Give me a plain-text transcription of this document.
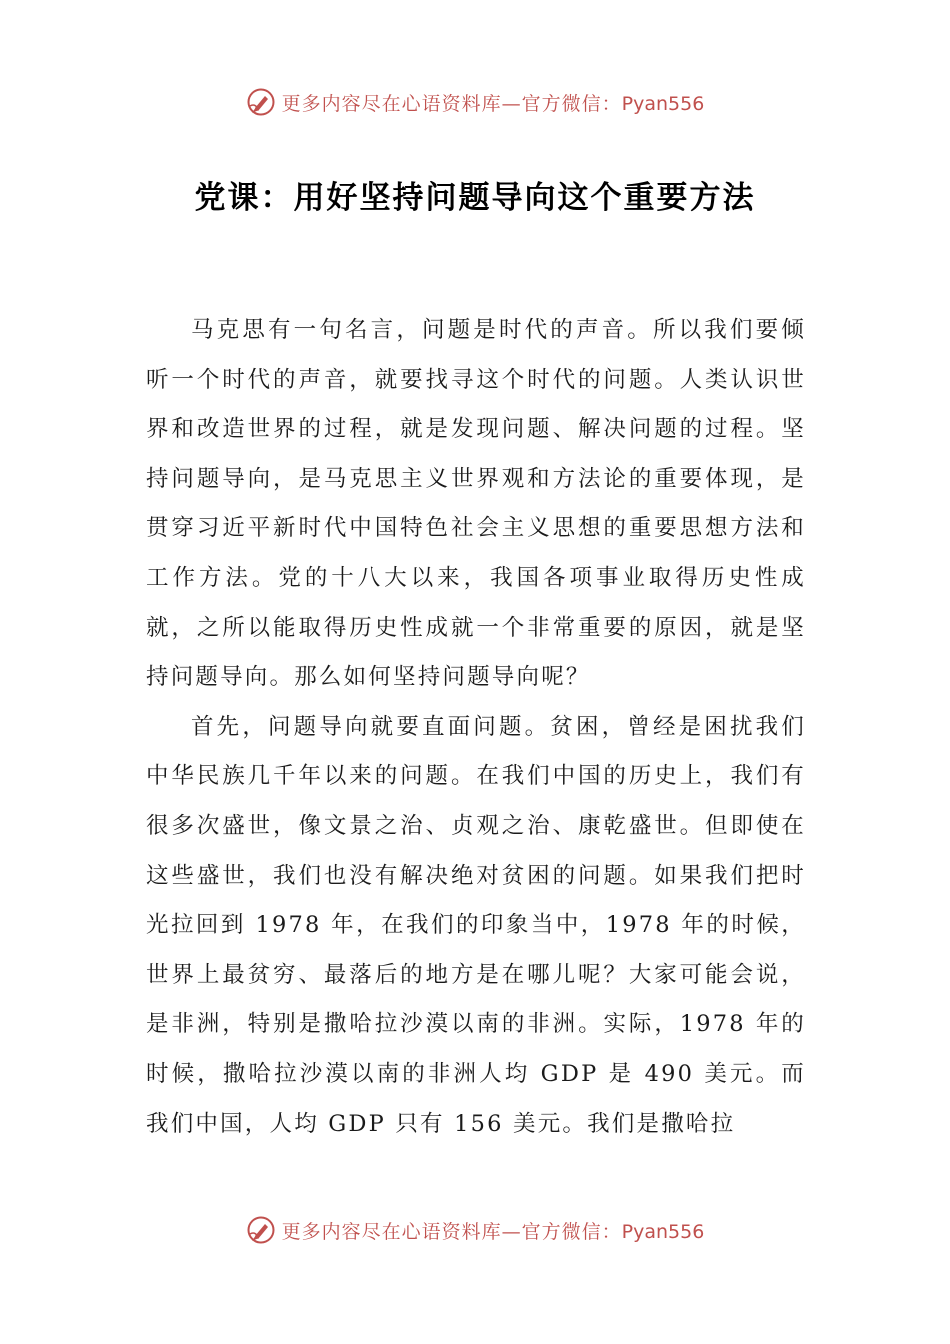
更多内容尽在心语资料库—官方微信：Pyan556
党课：用好坚持问题导向这个重要方法

马克思有一句名言，问题是时代的声音。所以我们要倾听一个时代的声音，就要找寻这个时代的问题。人类认识世界和改造世界的过程，就是发现问题、解决问题的过程。坚持问题导向，是马克思主义世界观和方法论的重要体现，是贯穿习近平新时代中国特色社会主义思想的重要思想方法和工作方法。党的十八大以来，我国各项事业取得历史性成就，之所以能取得历史性成就一个非常重要的原因，就是坚持问题导向。那么如何坚持问题导向呢？

首先，问题导向就要直面问题。贫困，曾经是困扰我们中华民族几千年以来的问题。在我们中国的历史上，我们有很多次盛世，像文景之治、贞观之治、康乾盛世。但即使在这些盛世，我们也没有解决绝对贫困的问题。如果我们把时光拉回到 1978 年，在我们的印象当中，1978 年的时候，世界上最贫穷、最落后的地方是在哪儿呢？大家可能会说，是非洲，特别是撒哈拉沙漠以南的非洲。实际，1978 年的时候，撒哈拉沙漠以南的非洲人均 GDP 是 490 美元。而我们中国，人均 GDP 只有 156 美元。我们是撒哈拉

更多内容尽在心语资料库—官方微信：Pyan556
